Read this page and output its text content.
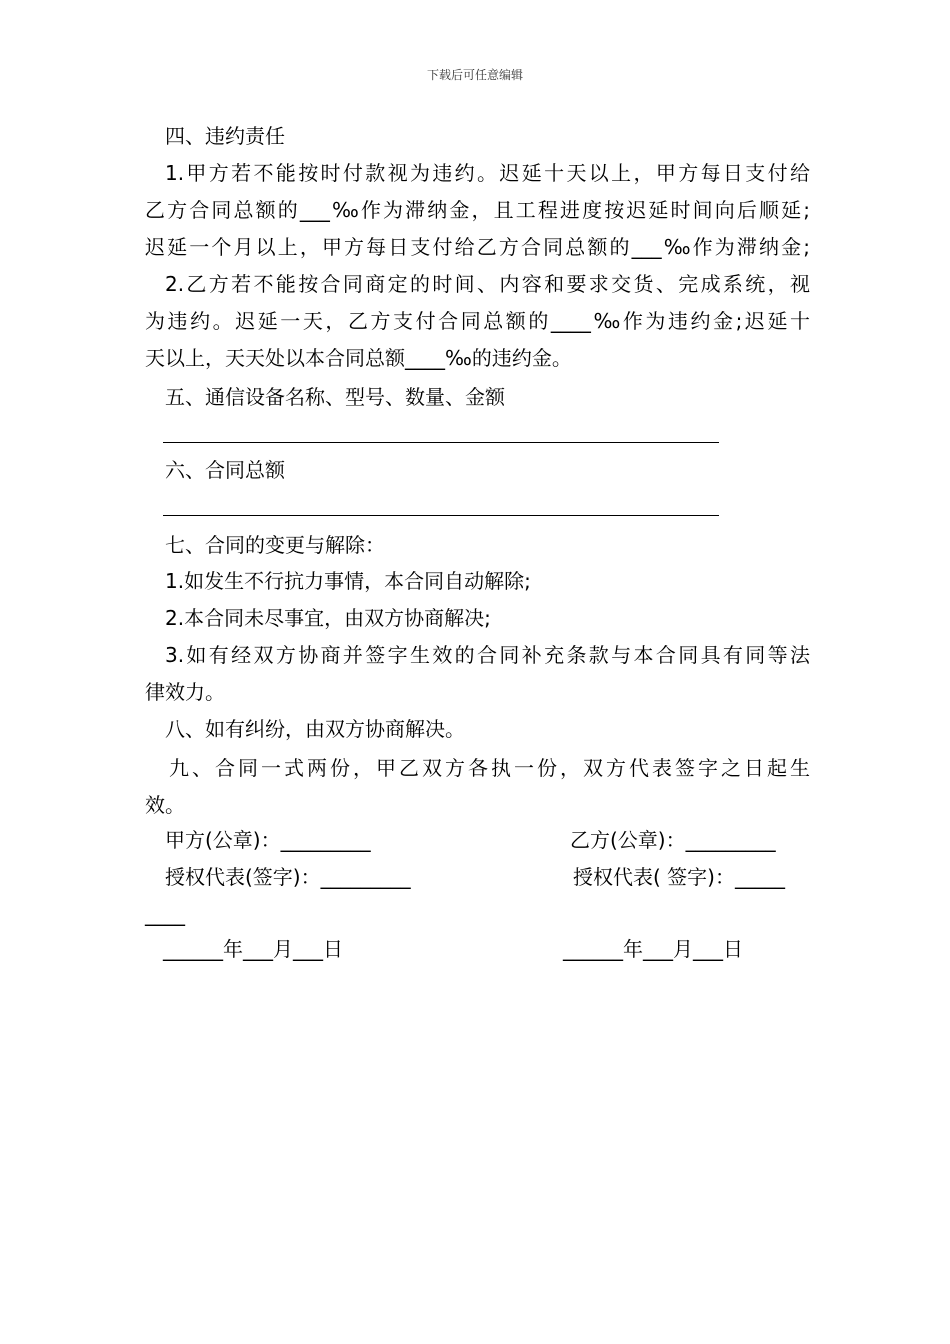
下载后可任意编辑
四、违约责任
1.甲方若不能按时付款视为违约。迟延十天以上，甲方每日支付给
乙方合同总额的___‰作为滞纳金，且工程进度按迟延时间向后顺延;
迟延一个月以上，甲方每日支付给乙方合同总额的___‰作为滞纳金;
2.乙方若不能按合同商定的时间、内容和要求交货、完成系统，视
为违约。迟延一天，乙方支付合同总额的____‰作为违约金;迟延十
天以上，天天处以本合同总额____‰的违约金。
五、通信设备名称、型号、数量、金额
六、合同总额
七、合同的变更与解除：
1.如发生不行抗力事情，本合同自动解除;
2.本合同未尽事宜，由双方协商解决;
3.如有经双方协商并签字生效的合同补充条款与本合同具有同等法
律效力。
八、如有纠纷，由双方协商解决。
九、合同一式两份，甲乙双方各执一份，双方代表签字之日起生
效。
甲方(公章)：_________	乙方(公章)：_________
授权代表(签字)：_________	授权代表( 签字)：_____
____
______年___月___日	______年___月___日
